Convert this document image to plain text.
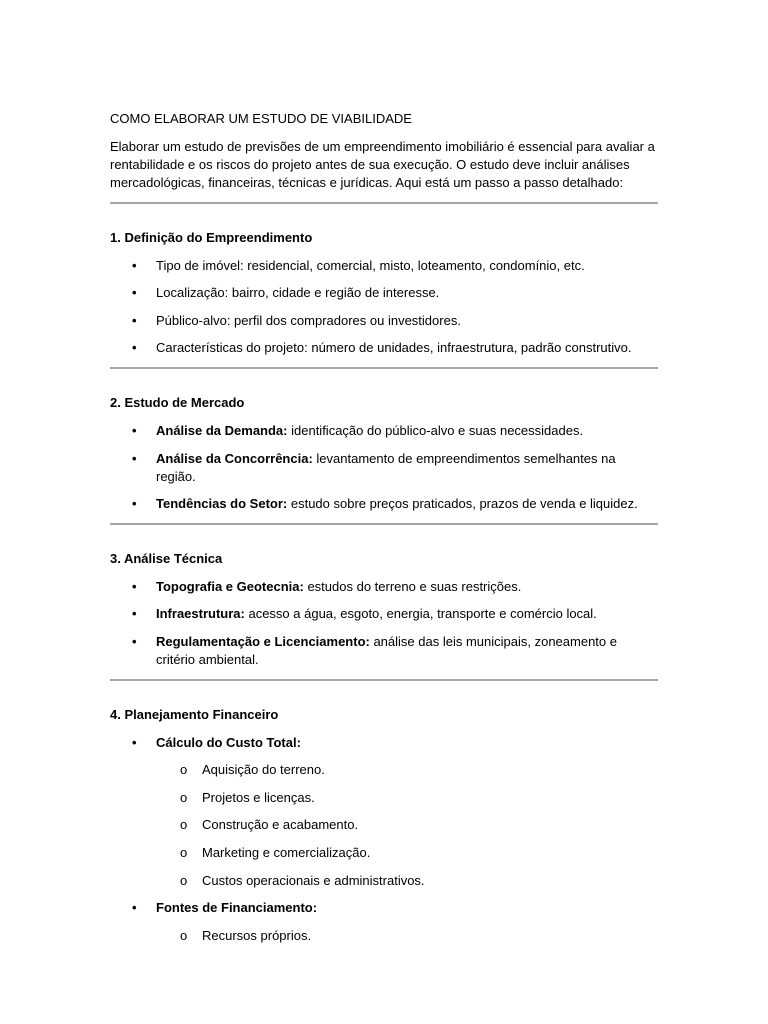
COMO ELABORAR UM ESTUDO DE VIABILIDADE

Elaborar um estudo de previsões de um empreendimento imobiliário é essencial para avaliar a rentabilidade e os riscos do projeto antes de sua execução. O estudo deve incluir análises mercadológicas, financeiras, técnicas e jurídicas. Aqui está um passo a passo detalhado:

1. Definição do Empreendimento
• Tipo de imóvel: residencial, comercial, misto, loteamento, condomínio, etc.
• Localização: bairro, cidade e região de interesse.
• Público-alvo: perfil dos compradores ou investidores.
• Características do projeto: número de unidades, infraestrutura, padrão construtivo.
2. Estudo de Mercado
• Análise da Demanda: identificação do público-alvo e suas necessidades.
• Análise da Concorrência: levantamento de empreendimentos semelhantes na região.
• Tendências do Setor: estudo sobre preços praticados, prazos de venda e liquidez.
3. Análise Técnica
• Topografia e Geotecnia: estudos do terreno e suas restrições.
• Infraestrutura: acesso a água, esgoto, energia, transporte e comércio local.
• Regulamentação e Licenciamento: análise das leis municipais, zoneamento e critério ambiental.
4. Planejamento Financeiro
• Cálculo do Custo Total:
o Aquisição do terreno.
o Projetos e licenças.
o Construção e acabamento.
o Marketing e comercialização.
o Custos operacionais e administrativos.
• Fontes de Financiamento:
o Recursos próprios.
